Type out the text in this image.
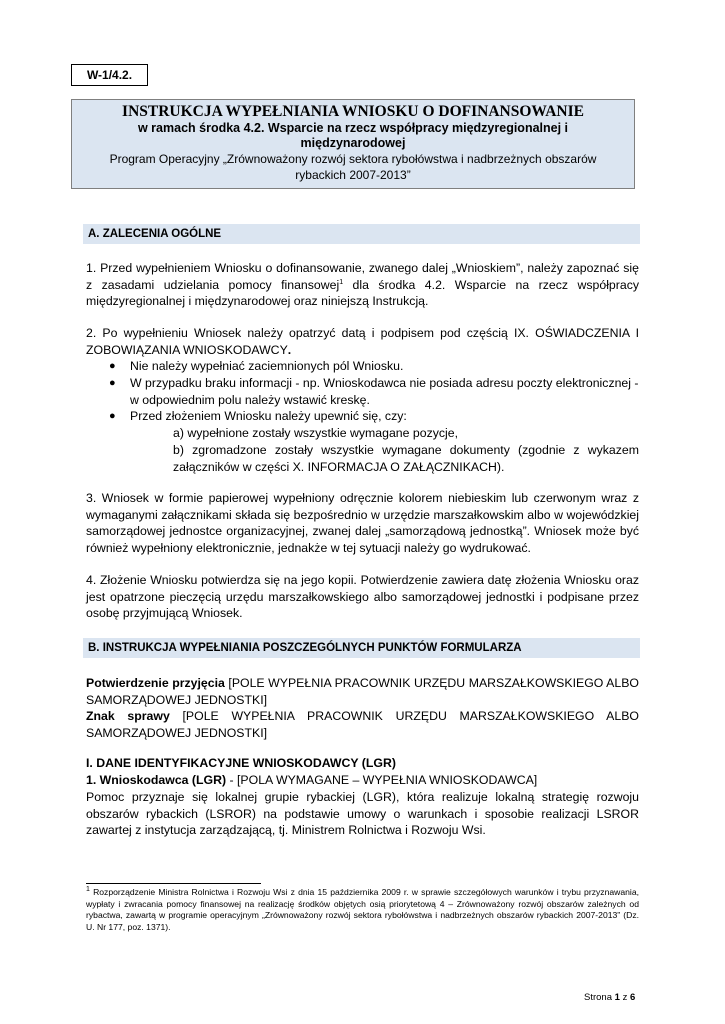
W-1/4.2.
INSTRUKCJA WYPEŁNIANIA WNIOSKU O DOFINANSOWANIE
w ramach środka 4.2. Wsparcie na rzecz współpracy międzyregionalnej i
międzynarodowej
Program Operacyjny „Zrównoważony rozwój sektora rybołówstwa i nadbrzeżnych obszarów
rybackich 2007-2013”
A. ZALECENIA OGÓLNE
1. Przed wypełnieniem Wniosku o dofinansowanie, zwanego dalej „Wnioskiem”, należy zapoznać się z zasadami udzielania pomocy finansowej$^1$ dla środka 4.2. Wsparcie na rzecz współpracy międzyregionalnej i międzynarodowej oraz niniejszą Instrukcją.
2. Po wypełnieniu Wniosek należy opatrzyć datą i podpisem pod częścią IX. OŚWIADCZENIA I ZOBOWIĄZANIA WNIOSKODAWCY.
● Nie należy wypełniać zaciemnionych pól Wniosku.
● W przypadku braku informacji - np. Wnioskodawca nie posiada adresu poczty elektronicznej - w odpowiednim polu należy wstawić kreskę.
● Przed złożeniem Wniosku należy upewnić się, czy:
a) wypełnione zostały wszystkie wymagane pozycje,
b) zgromadzone zostały wszystkie wymagane dokumenty (zgodnie z wykazem załączników w części X. INFORMACJA O ZAŁĄCZNIKACH).
3. Wniosek w formie papierowej wypełniony odręcznie kolorem niebieskim lub czerwonym wraz z wymaganymi załącznikami składa się bezpośrednio w urzędzie marszałkowskim albo w wojewódzkiej samorządowej jednostce organizacyjnej, zwanej dalej „samorządową jednostką”. Wniosek może być również wypełniony elektronicznie, jednakże w tej sytuacji należy go wydrukować.
4. Złożenie Wniosku potwierdza się na jego kopii. Potwierdzenie zawiera datę złożenia Wniosku oraz jest opatrzone pieczęcią urzędu marszałkowskiego albo samorządowej jednostki i podpisane przez osobę przyjmującą Wniosek.
B. INSTRUKCJA WYPEŁNIANIA POSZCZEGÓLNYCH PUNKTÓW FORMULARZA
Potwierdzenie przyjęcia [POLE WYPEŁNIA PRACOWNIK URZĘDU MARSZAŁKOWSKIEGO ALBO SAMORZĄDOWEJ JEDNOSTKI]
Znak sprawy [POLE WYPEŁNIA PRACOWNIK URZĘDU MARSZAŁKOWSKIEGO ALBO SAMORZĄDOWEJ JEDNOSTKI]
I. DANE IDENTYFIKACYJNE WNIOSKODAWCY (LGR)
1. Wnioskodawca (LGR) - [POLA WYMAGANE – WYPEŁNIA WNIOSKODAWCA]
Pomoc przyznaje się lokalnej grupie rybackiej (LGR), która realizuje lokalną strategię rozwoju obszarów rybackich (LSROR) na podstawie umowy o warunkach i sposobie realizacji LSROR zawartej z instytucja zarządzającą, tj. Ministrem Rolnictwa i Rozwoju Wsi.
$^1$ Rozporządzenie Ministra Rolnictwa i Rozwoju Wsi z dnia 15 października 2009 r. w sprawie szczegółowych warunków i trybu przyznawania, wypłaty i zwracania pomocy finansowej na realizację środków objętych osią priorytetową 4 – Zrównoważony rozwój obszarów zależnych od rybactwa, zawartą w programie operacyjnym „Zrównoważony rozwój sektora rybołówstwa i nadbrzeżnych obszarów rybackich 2007-2013” (Dz. U. Nr 177, poz. 1371).
Strona 1 z 6
